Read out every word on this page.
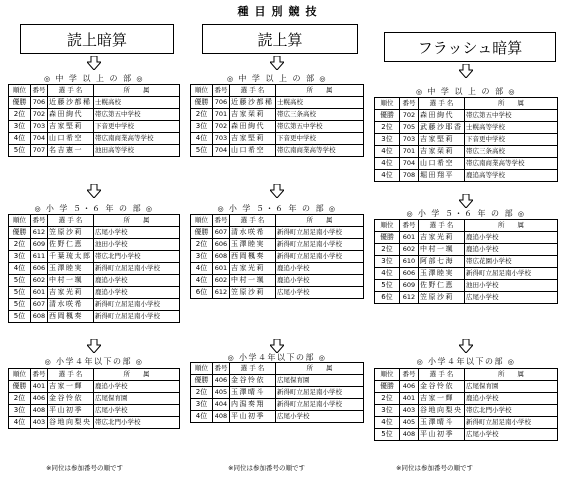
種目別競技
読上暗算
◎ 中 学 以 上 の 部 ◎
順位	番号	選 手 名	所　　属
優勝	706	近藤沙都稀	士幌高校
2位	702	森田絢代	帯広第五中学校
3位	703	吉家堅莉	下音更中学校
4位	704	山口希空	帯広南商業高等学校
5位	707	名吉憲一	池田高等学校
◎ 小 学 ５・６ 年 の 部 ◎
順位	番号	選 手 名	所　　属
優勝	612	笠原沙莉	広尾小学校
2位	609	佐野仁恵	池田小学校
3位	611	千葉琉太郎	帯広北門小学校
4位	606	玉澤睦実	新得町立屈足南小学校
5位	602	中村一颯	鹿追小学校
5位	601	吉家光莉	鹿追小学校
5位	607	清水咲希	新得町立屈足南小学校
5位	608	西岡楓奏	新得町立屈足南小学校
◎ 小学４年以下の部 ◎
順位	番号	選 手 名	所　　属
優勝	401	吉家一輝	鹿追小学校
2位	406	金谷怜依	広尾保育園
3位	408	平山初季	広尾小学校
4位	403	谷地向梨央	帯広北門小学校
※同位は参加番号の順です
読上算
◎ 中 学 以 上 の 部 ◎
順位	番号	選 手 名	所　　属
優勝	706	近藤沙都稀	士幌高校
2位	701	吉家栞莉	帯広三条高校
3位	702	森田絢代	帯広第五中学校
4位	703	吉家堅莉	下音更中学校
5位	704	山口希空	帯広南商業高等学校
◎ 小 学 ５・６ 年 の 部 ◎
順位	番号	選 手 名	所　　属
優勝	607	清水咲希	新得町立屈足南小学校
2位	606	玉澤睦実	新得町立屈足南小学校
3位	608	西岡楓奏	新得町立屈足南小学校
4位	601	吉家光莉	鹿追小学校
4位	602	中村一颯	鹿追小学校
6位	612	笠原沙莉	広尾小学校
◎ 小学４年以下の部 ◎
順位	番号	選 手 名	所　　属
優勝	406	金谷怜依	広尾保育園
2位	405	玉澤晴斗	新得町立屈足南小学校
3位	404	内潟奏翔	新得町立屈足南小学校
4位	408	平山初季	広尾小学校
※同位は参加番号の順です
フラッシュ暗算
◎ 中 学 以 上 の 部 ◎
順位	番号	選 手 名	所　　属
優勝	702	森田絢代	帯広第五中学校
2位	705	武藤沙耶香	士幌高等学校
3位	703	吉家堅莉	下音更中学校
4位	701	吉家栞莉	帯広三条高校
4位	704	山口希空	帯広南商業高等学校
4位	708	堀田翔平	鹿追高等学校
◎ 小 学 ５・６ 年 の 部 ◎
順位	番号	選 手 名	所　　属
優勝	601	吉家光莉	鹿追小学校
2位	602	中村一颯	鹿追小学校
3位	610	阿部七海	帯広花園小学校
4位	606	玉澤睦実	新得町立屈足南小学校
5位	609	佐野仁恵	池田小学校
6位	612	笠原沙莉	広尾小学校
◎ 小学４年以下の部 ◎
順位	番号	選 手 名	所　　属
優勝	406	金谷怜依	広尾保育園
2位	401	吉家一輝	鹿追小学校
3位	403	谷地向梨央	帯広北門小学校
4位	405	玉澤晴斗	新得町立屈足南小学校
5位	408	平山初季	広尾小学校
※同位は参加番号の順です
